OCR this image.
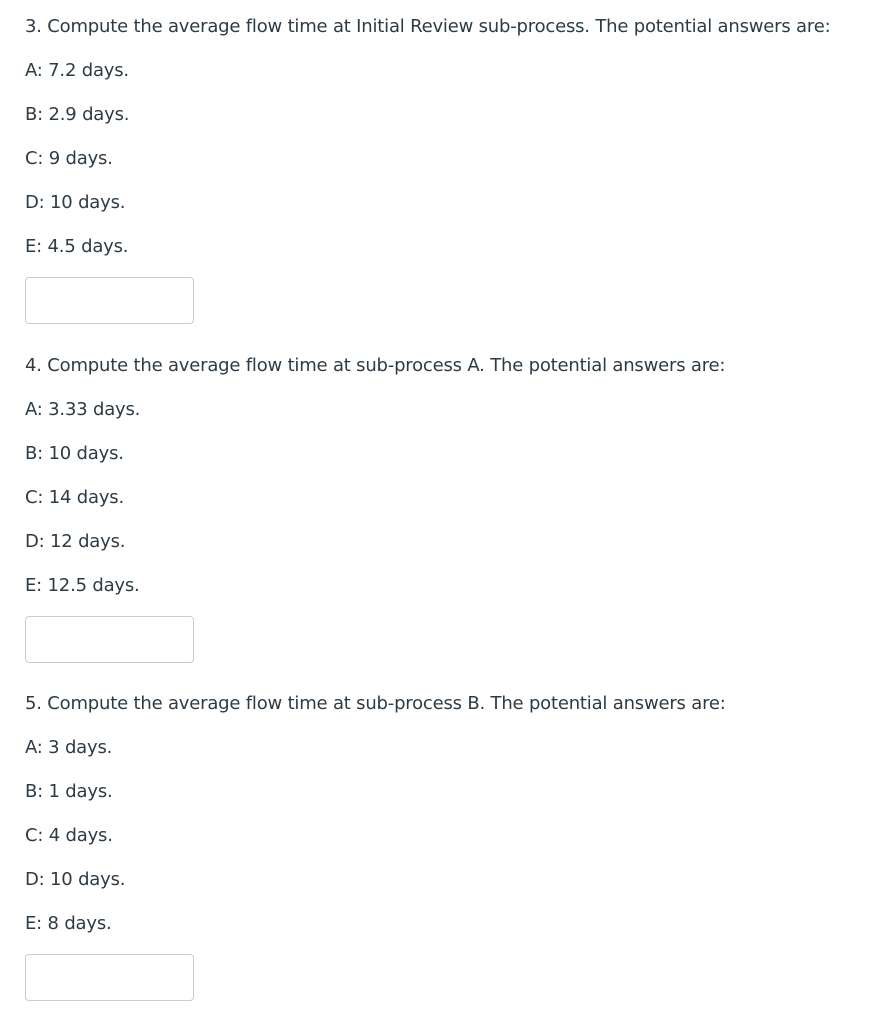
3. Compute the average flow time at Initial Review sub-process. The potential answers are:

A: 7.2 days.

B: 2.9 days.

C: 9 days.

D: 10 days.

E: 4.5 days.

4. Compute the average flow time at sub-process A. The potential answers are:

A: 3.33 days.

B: 10 days.

C: 14 days.

D: 12 days.

E: 12.5 days.

5. Compute the average flow time at sub-process B. The potential answers are:

A: 3 days.

B: 1 days.

C: 4 days.

D: 10 days.

E: 8 days.
